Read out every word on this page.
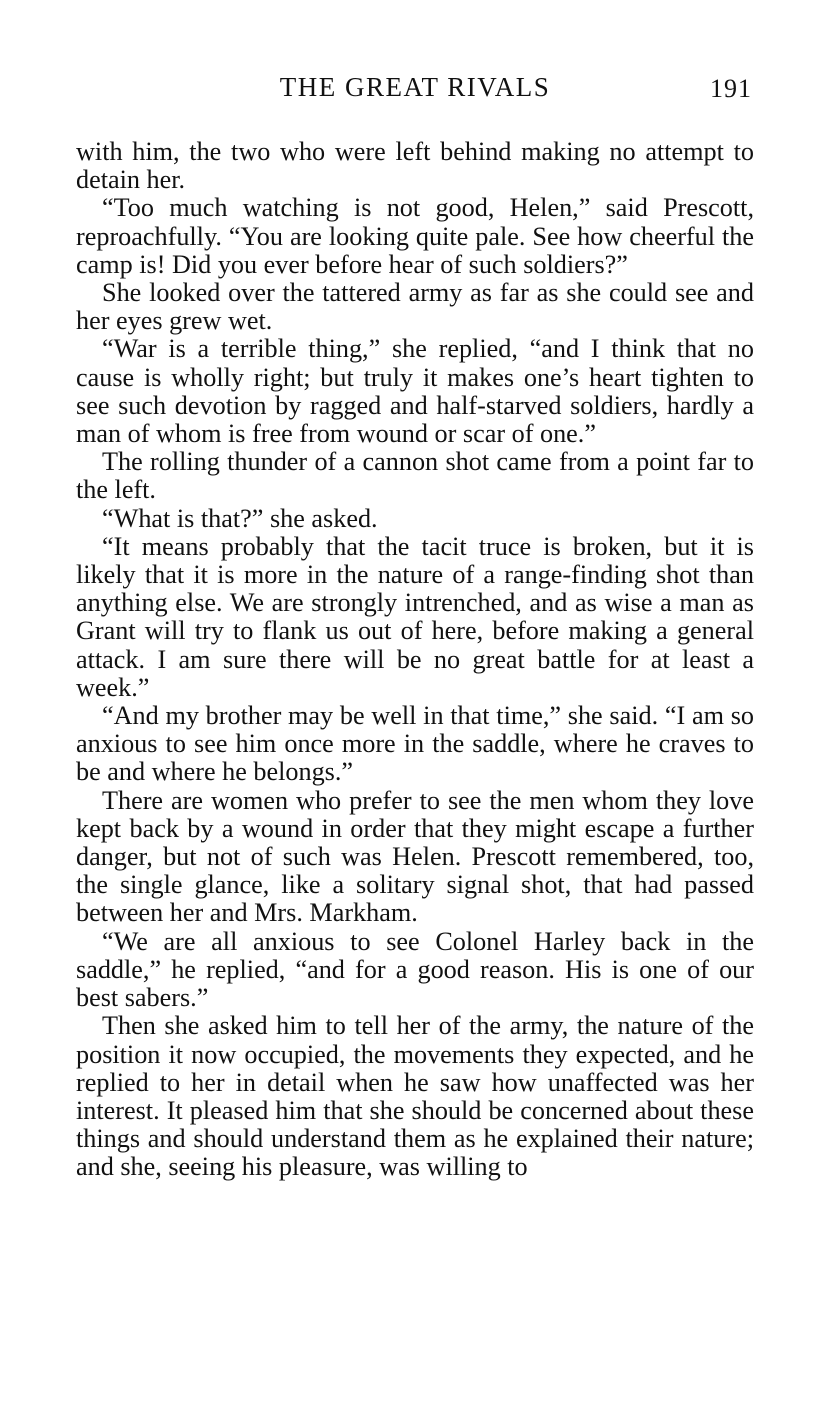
THE GREAT RIVALS	191

with him, the two who were left behind making no attempt to detain her.

“Too much watching is not good, Helen,” said Prescott, reproachfully. “You are looking quite pale. See how cheerful the camp is! Did you ever before hear of such soldiers?”

She looked over the tattered army as far as she could see and her eyes grew wet.

“War is a terrible thing,” she replied, “and I think that no cause is wholly right; but truly it makes one’s heart tighten to see such devotion by ragged and half-starved soldiers, hardly a man of whom is free from wound or scar of one.”

The rolling thunder of a cannon shot came from a point far to the left.

“What is that?” she asked.

“It means probably that the tacit truce is broken, but it is likely that it is more in the nature of a range-finding shot than anything else. We are strongly intrenched, and as wise a man as Grant will try to flank us out of here, before making a general attack. I am sure there will be no great battle for at least a week.”

“And my brother may be well in that time,” she said. “I am so anxious to see him once more in the saddle, where he craves to be and where he belongs.”

There are women who prefer to see the men whom they love kept back by a wound in order that they might escape a further danger, but not of such was Helen. Prescott remembered, too, the single glance, like a solitary signal shot, that had passed between her and Mrs. Markham.

“We are all anxious to see Colonel Harley back in the saddle,” he replied, “and for a good reason. His is one of our best sabers.”

Then she asked him to tell her of the army, the nature of the position it now occupied, the movements they expected, and he replied to her in detail when he saw how unaffected was her interest. It pleased him that she should be concerned about these things and should understand them as he explained their nature; and she, seeing his pleasure, was willing to
